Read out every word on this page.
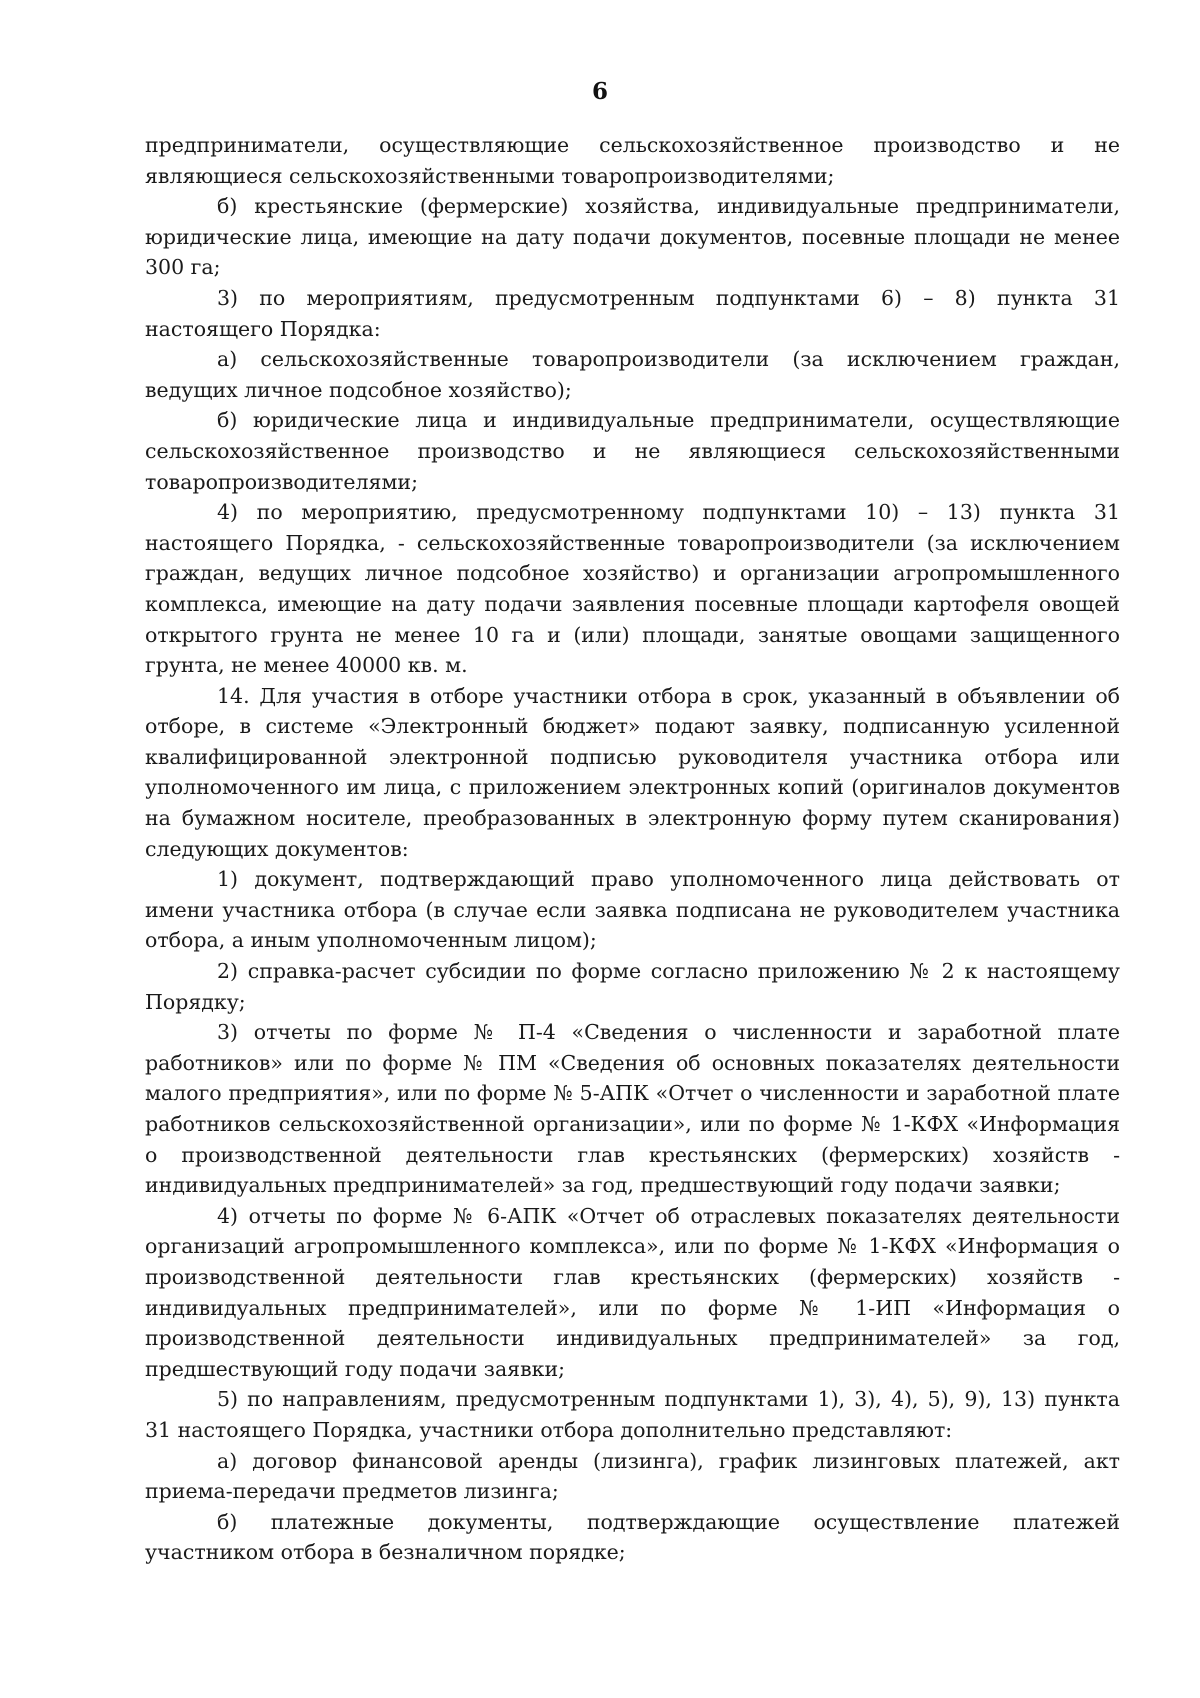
6

предприниматели, осуществляющие сельскохозяйственное производство и не являющиеся сельскохозяйственными товаропроизводителями;

б) крестьянские (фермерские) хозяйства, индивидуальные предприниматели, юридические лица, имеющие на дату подачи документов, посевные площади не менее 300 га;

3) по мероприятиям, предусмотренным подпунктами 6) – 8) пункта 31 настоящего Порядка:

а) сельскохозяйственные товаропроизводители (за исключением граждан, ведущих личное подсобное хозяйство);

б) юридические лица и индивидуальные предприниматели, осуществляющие сельскохозяйственное производство и не являющиеся сельскохозяйственными товаропроизводителями;

4) по мероприятию, предусмотренному подпунктами 10) – 13) пункта 31 настоящего Порядка, - сельскохозяйственные товаропроизводители (за исключением граждан, ведущих личное подсобное хозяйство) и организации агропромышленного комплекса, имеющие на дату подачи заявления посевные площади картофеля овощей открытого грунта не менее 10 га и (или) площади, занятые овощами защищенного грунта, не менее 40000 кв. м.

14. Для участия в отборе участники отбора в срок, указанный в объявлении об отборе, в системе «Электронный бюджет» подают заявку, подписанную усиленной квалифицированной электронной подписью руководителя участника отбора или уполномоченного им лица, с приложением электронных копий (оригиналов документов на бумажном носителе, преобразованных в электронную форму путем сканирования) следующих документов:

1) документ, подтверждающий право уполномоченного лица действовать от имени участника отбора (в случае если заявка подписана не руководителем участника отбора, а иным уполномоченным лицом);

2) справка-расчет субсидии по форме согласно приложению № 2 к настоящему Порядку;

3) отчеты по форме № П-4 «Сведения о численности и заработной плате работников» или по форме № ПМ «Сведения об основных показателях деятельности малого предприятия», или по форме № 5-АПК «Отчет о численности и заработной плате работников сельскохозяйственной организации», или по форме № 1-КФХ «Информация о производственной деятельности глав крестьянских (фермерских) хозяйств - индивидуальных предпринимателей» за год, предшествующий году подачи заявки;

4) отчеты по форме № 6-АПК «Отчет об отраслевых показателях деятельности организаций агропромышленного комплекса», или по форме № 1-КФХ «Информация о производственной деятельности глав крестьянских (фермерских) хозяйств - индивидуальных предпринимателей», или по форме № 1-ИП «Информация о производственной деятельности индивидуальных предпринимателей» за год, предшествующий году подачи заявки;

5) по направлениям, предусмотренным подпунктами 1), 3), 4), 5), 9), 13) пункта 31 настоящего Порядка, участники отбора дополнительно представляют:

а) договор финансовой аренды (лизинга), график лизинговых платежей, акт приема-передачи предметов лизинга;

б) платежные документы, подтверждающие осуществление платежей участником отбора в безналичном порядке;
